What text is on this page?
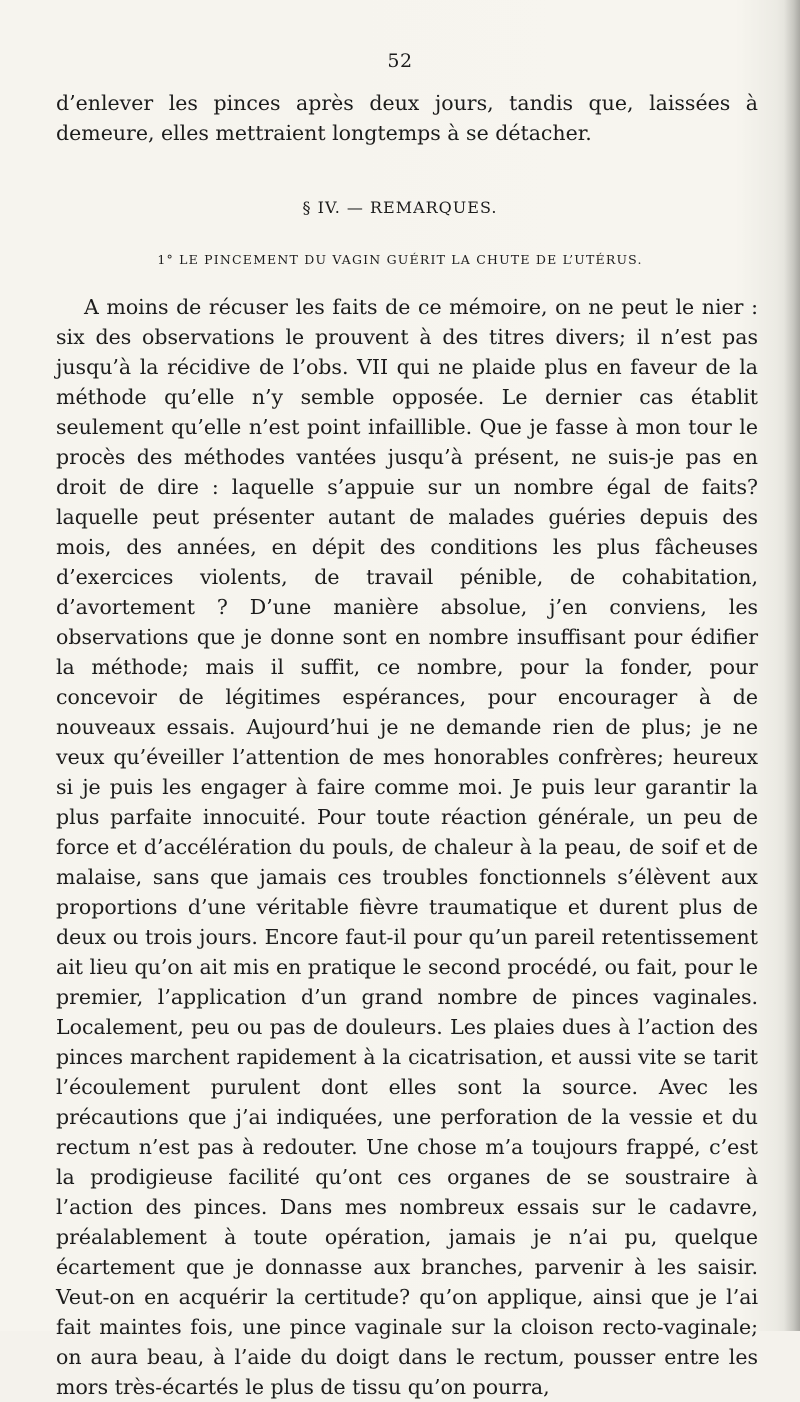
52

d’enlever les pinces après deux jours, tandis que, laissées à demeure, elles mettraient longtemps à se détacher.

§ IV. — REMARQUES.
1° LE PINCEMENT DU VAGIN GUÉRIT LA CHUTE DE L’UTÉRUS.

A moins de récuser les faits de ce mémoire, on ne peut le nier : six des observations le prouvent à des titres divers; il n’est pas jusqu’à la récidive de l’obs. VII qui ne plaide plus en faveur de la méthode qu’elle n’y semble opposée. Le dernier cas établit seulement qu’elle n’est point infaillible. Que je fasse à mon tour le procès des méthodes vantées jusqu’à présent, ne suis-je pas en droit de dire : laquelle s’appuie sur un nombre égal de faits? laquelle peut présenter autant de malades guéries depuis des mois, des années, en dépit des conditions les plus fâcheuses d’exercices violents, de travail pénible, de cohabitation, d’avortement ? D’une manière absolue, j’en conviens, les observations que je donne sont en nombre insuffisant pour édifier la méthode; mais il suffit, ce nombre, pour la fonder, pour concevoir de légitimes espérances, pour encourager à de nouveaux essais. Aujourd’hui je ne demande rien de plus; je ne veux qu’éveiller l’attention de mes honorables confrères; heureux si je puis les engager à faire comme moi. Je puis leur garantir la plus parfaite innocuité. Pour toute réaction générale, un peu de force et d’accélération du pouls, de chaleur à la peau, de soif et de malaise, sans que jamais ces troubles fonctionnels s’élèvent aux proportions d’une véritable fièvre traumatique et durent plus de deux ou trois jours. Encore faut-il pour qu’un pareil retentissement ait lieu qu’on ait mis en pratique le second procédé, ou fait, pour le premier, l’application d’un grand nombre de pinces vaginales. Localement, peu ou pas de douleurs. Les plaies dues à l’action des pinces marchent rapidement à la cicatrisation, et aussi vite se tarit l’écoulement purulent dont elles sont la source. Avec les précautions que j’ai indiquées, une perforation de la vessie et du rectum n’est pas à redouter. Une chose m’a toujours frappé, c’est la prodigieuse facilité qu’ont ces organes de se soustraire à l’action des pinces. Dans mes nombreux essais sur le cadavre, préalablement à toute opération, jamais je n’ai pu, quelque écartement que je donnasse aux branches, parvenir à les saisir. Veut-on en acquérir la certitude? qu’on applique, ainsi que je l’ai fait maintes fois, une pince vaginale sur la cloison recto-vaginale; on aura beau, à l’aide du doigt dans le rectum, pousser entre les mors très-écartés le plus de tissu qu’on pourra,
